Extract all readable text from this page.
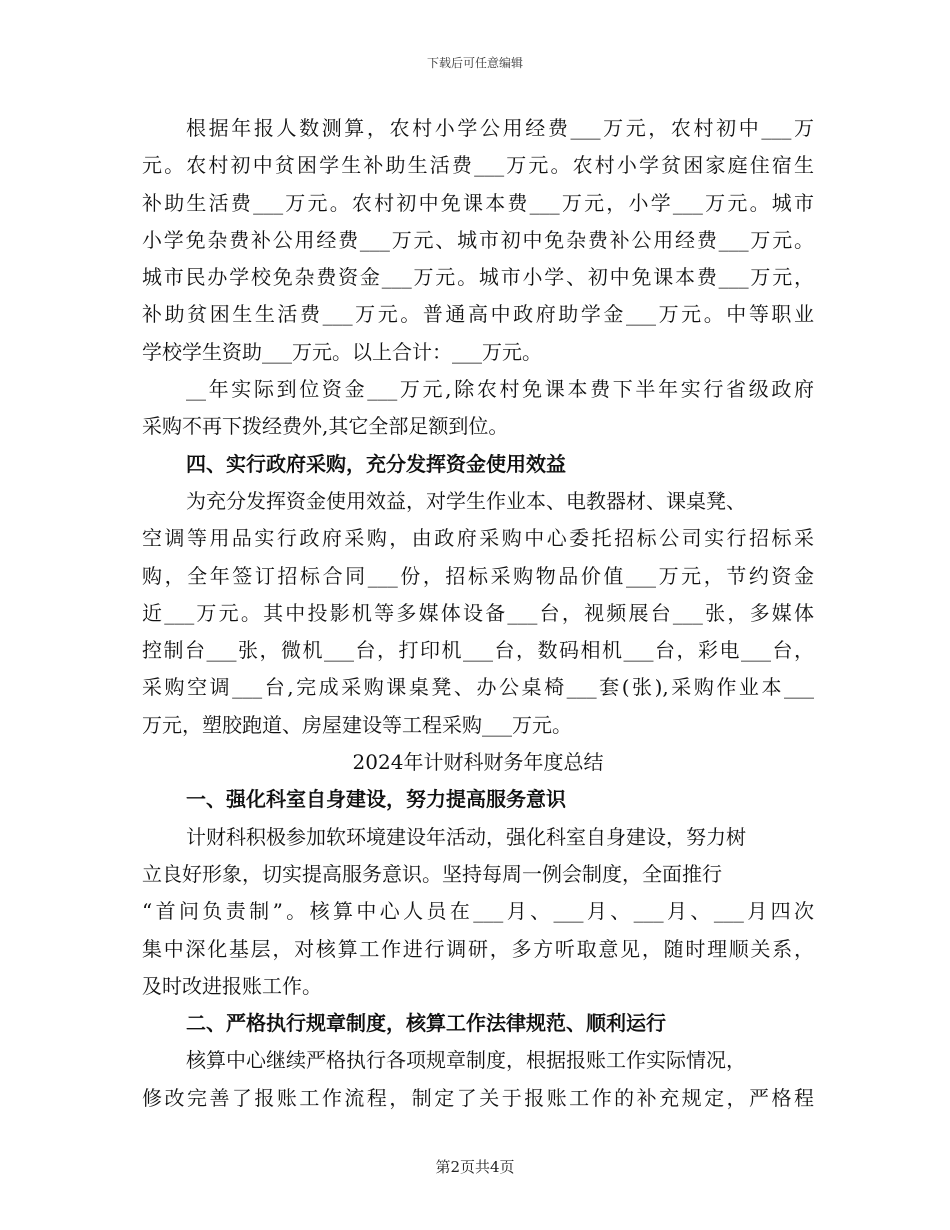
下载后可任意编辑
根据年报人数测算，农村小学公用经费___万元，农村初中___万
元。农村初中贫困学生补助生活费___万元。农村小学贫困家庭住宿生
补助生活费___万元。农村初中免课本费___万元，小学___万元。城市
小学免杂费补公用经费___万元、城市初中免杂费补公用经费___万元。
城市民办学校免杂费资金___万元。城市小学、初中免课本费___万元，
补助贫困生生活费___万元。普通高中政府助学金___万元。中等职业
学校学生资助___万元。以上合计：___万元。
__年实际到位资金___万元,除农村免课本费下半年实行省级政府
采购不再下拨经费外,其它全部足额到位。
四、实行政府采购，充分发挥资金使用效益
为充分发挥资金使用效益，对学生作业本、电教器材、课桌凳、
空调等用品实行政府采购，由政府采购中心委托招标公司实行招标采
购，全年签订招标合同___份，招标采购物品价值___万元，节约资金
近___万元。其中投影机等多媒体设备___台，视频展台___张，多媒体
控制台___张，微机___台，打印机___台，数码相机___台，彩电___台，
采购空调___台,完成采购课桌凳、办公桌椅___套(张),采购作业本___
万元，塑胶跑道、房屋建设等工程采购___万元。
2024年计财科财务年度总结
一、强化科室自身建设，努力提高服务意识
计财科积极参加软环境建设年活动，强化科室自身建设，努力树
立良好形象，切实提高服务意识。坚持每周一例会制度，全面推行
“首问负责制”。核算中心人员在___月、___月、___月、___月四次
集中深化基层，对核算工作进行调研，多方听取意见，随时理顺关系，
及时改进报账工作。
二、严格执行规章制度，核算工作法律规范、顺利运行
核算中心继续严格执行各项规章制度，根据报账工作实际情况，
修改完善了报账工作流程，制定了关于报账工作的补充规定，严格程
第2页共4页
